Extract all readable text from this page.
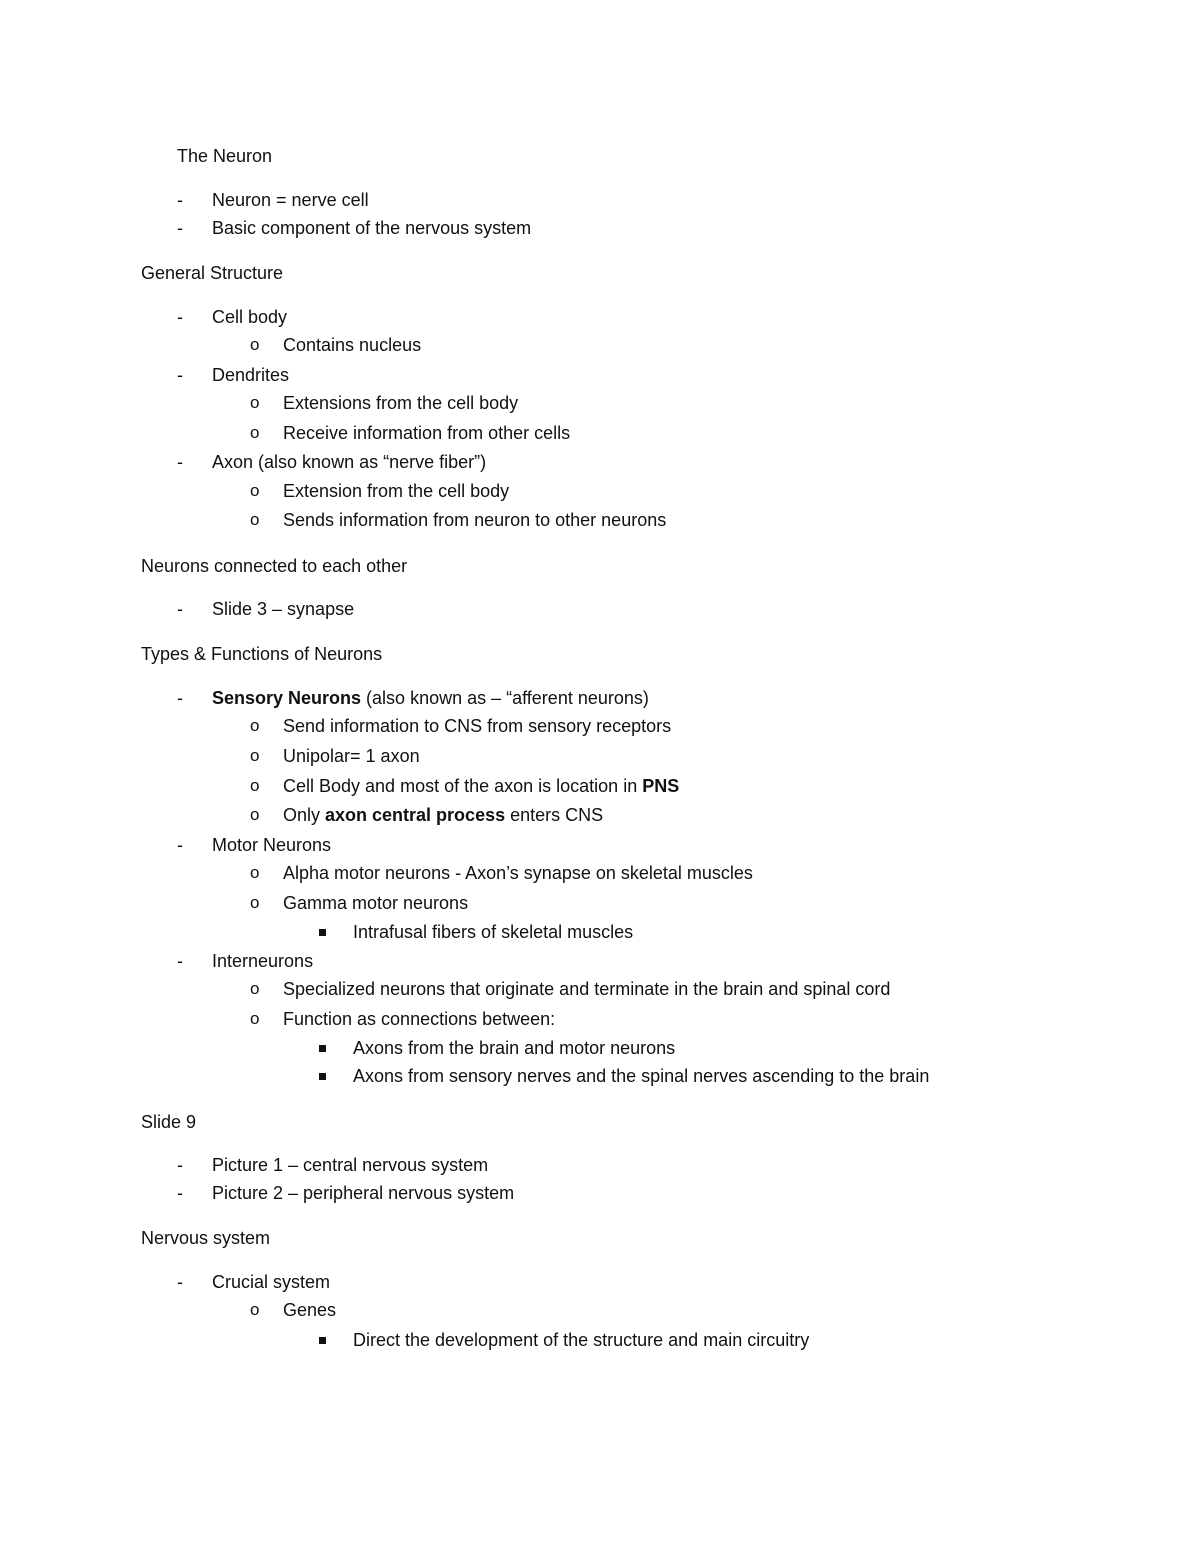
The Neuron
-	Neuron = nerve cell
-	Basic component of the nervous system
General Structure
-	Cell body
o	Contains nucleus
-	Dendrites
o	Extensions from the cell body
o	Receive information from other cells
-	Axon (also known as “nerve fiber”)
o	Extension from the cell body
o	Sends information from neuron to other neurons
Neurons connected to each other
-	Slide 3 – synapse
Types & Functions of Neurons
-	Sensory Neurons (also known as – “afferent neurons)
o	Send information to CNS from sensory receptors
o	Unipolar= 1 axon
o	Cell Body and most of the axon is location in PNS
o	Only axon central process enters CNS
-	Motor Neurons
o	Alpha motor neurons - Axon’s synapse on skeletal muscles
o	Gamma motor neurons
Intrafusal fibers of skeletal muscles
-	Interneurons
o	Specialized neurons that originate and terminate in the brain and spinal cord
o	Function as connections between:
Axons from the brain and motor neurons
Axons from sensory nerves and the spinal nerves ascending to the brain
Slide 9
-	Picture 1 – central nervous system
-	Picture 2 – peripheral nervous system
Nervous system
-	Crucial system
o	Genes
Direct the development of the structure and main circuitry
